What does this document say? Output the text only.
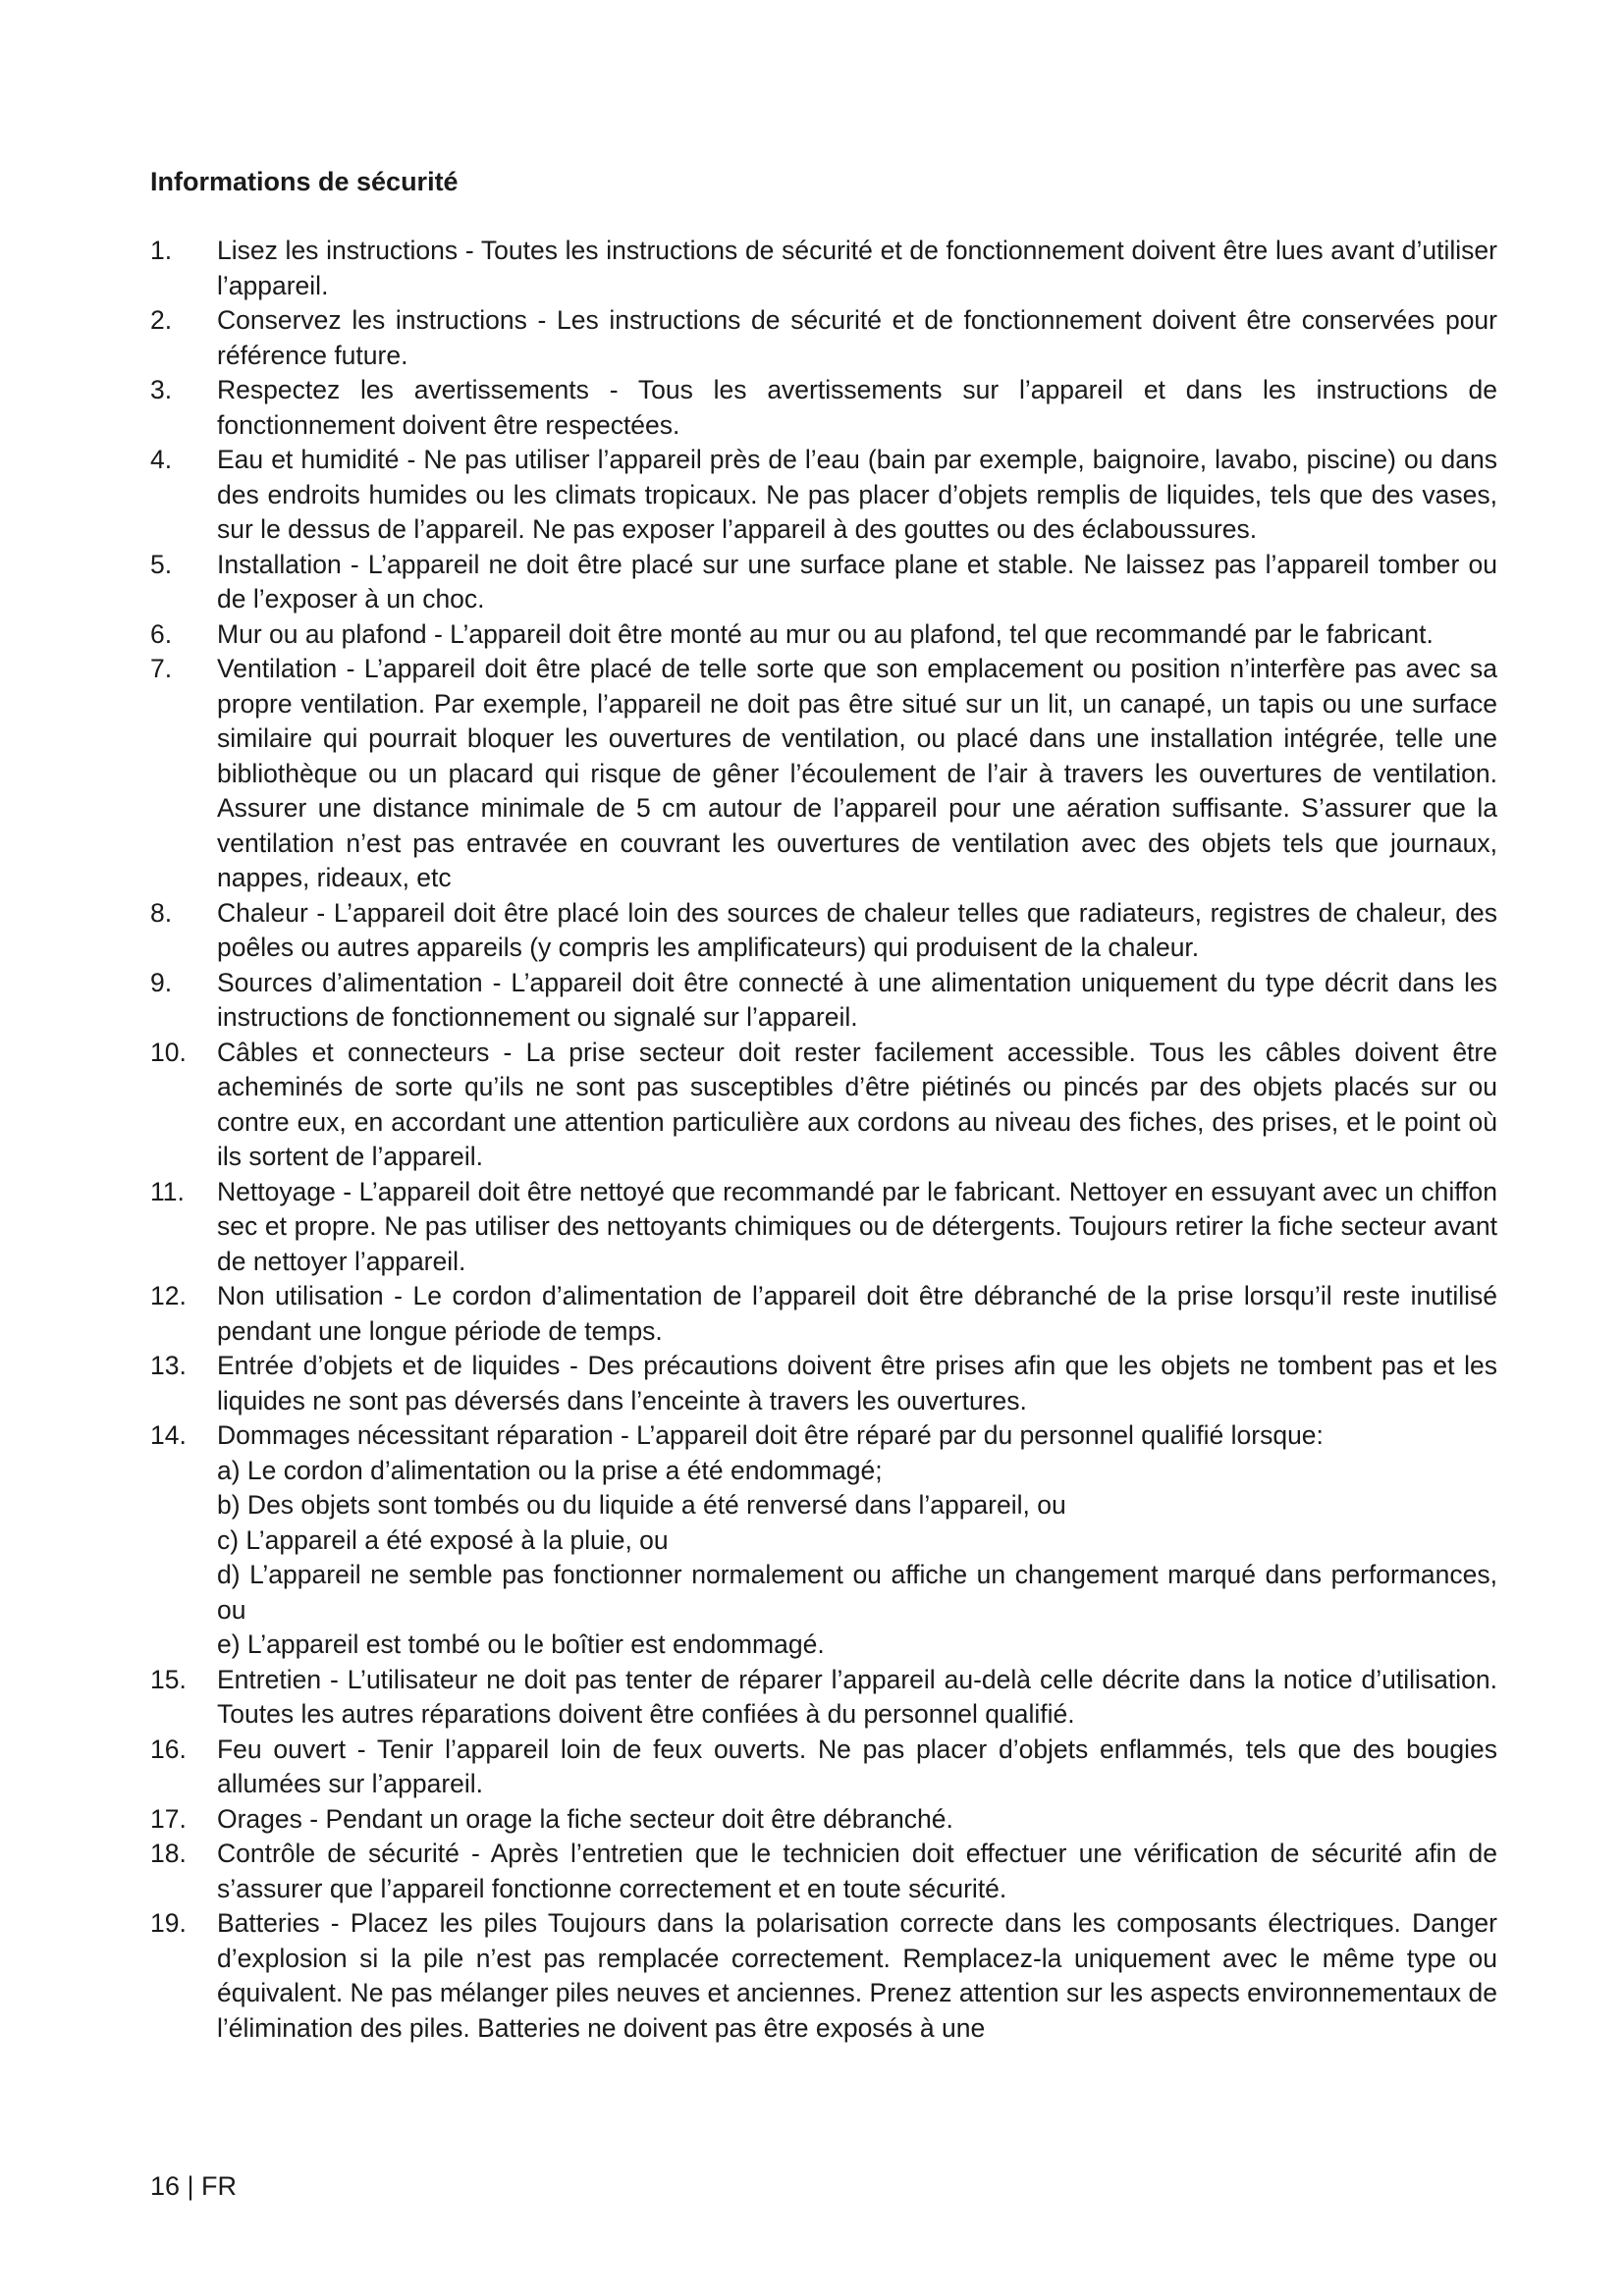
Informations de sécurité
1. Lisez les instructions - Toutes les instructions de sécurité et de fonctionnement doivent être lues avant d’utiliser l’appareil.
2. Conservez les instructions - Les instructions de sécurité et de fonctionnement doivent être conservées pour référence future.
3. Respectez les avertissements - Tous les avertissements sur l’appareil et dans les instructions de fonctionnement doivent être respectées.
4. Eau et humidité - Ne pas utiliser l’appareil près de l’eau (bain par exemple, baignoire, lavabo, piscine) ou dans des endroits humides ou les climats tropicaux. Ne pas placer d’objets remplis de liquides, tels que des vases, sur le dessus de l’appareil. Ne pas exposer l’appareil à des gouttes ou des éclaboussures.
5. Installation - L’appareil ne doit être placé sur une surface plane et stable. Ne laissez pas l’appareil tomber ou de l’exposer à un choc.
6. Mur ou au plafond - L’appareil doit être monté au mur ou au plafond, tel que recommandé par le fabricant.
7. Ventilation - L’appareil doit être placé de telle sorte que son emplacement ou position n’interfère pas avec sa propre ventilation. Par exemple, l’appareil ne doit pas être situé sur un lit, un canapé, un tapis ou une surface similaire qui pourrait bloquer les ouvertures de ventilation, ou placé dans une installation intégrée, telle une bibliothèque ou un placard qui risque de gêner l’écoulement de l’air à travers les ouvertures de ventilation. Assurer une distance minimale de 5 cm autour de l’appareil pour une aération suffisante. S’assurer que la ventilation n’est pas entravée en couvrant les ouvertures de ventilation avec des objets tels que journaux, nappes, rideaux, etc
8. Chaleur - L’appareil doit être placé loin des sources de chaleur telles que radiateurs, registres de chaleur, des poêles ou autres appareils (y compris les amplificateurs) qui produisent de la chaleur.
9. Sources d’alimentation - L’appareil doit être connecté à une alimentation uniquement du type décrit dans les instructions de fonctionnement ou signalé sur l’appareil.
10. Câbles et connecteurs - La prise secteur doit rester facilement accessible. Tous les câbles doivent être acheminés de sorte qu’ils ne sont pas susceptibles d’être piétinés ou pincés par des objets placés sur ou contre eux, en accordant une attention particulière aux cordons au niveau des fiches, des prises, et le point où ils sortent de l’appareil.
11. Nettoyage - L’appareil doit être nettoyé que recommandé par le fabricant. Nettoyer en essuyant avec un chiffon sec et propre. Ne pas utiliser des nettoyants chimiques ou de détergents. Toujours retirer la fiche secteur avant de nettoyer l’appareil.
12. Non utilisation - Le cordon d’alimentation de l’appareil doit être débranché de la prise lorsqu’il reste inutilisé pendant une longue période de temps.
13. Entrée d’objets et de liquides - Des précautions doivent être prises afin que les objets ne tombent pas et les liquides ne sont pas déversés dans l’enceinte à travers les ouvertures.
14. Dommages nécessitant réparation - L’appareil doit être réparé par du personnel qualifié lorsque:
a) Le cordon d’alimentation ou la prise a été endommagé;
b) Des objets sont tombés ou du liquide a été renversé dans l’appareil, ou
c) L’appareil a été exposé à la pluie, ou
d) L’appareil ne semble pas fonctionner normalement ou affiche un changement marqué dans performances, ou
e) L’appareil est tombé ou le boîtier est endommagé.
15. Entretien - L’utilisateur ne doit pas tenter de réparer l’appareil au-delà celle décrite dans la notice d’utilisation. Toutes les autres réparations doivent être confiées à du personnel qualifié.
16. Feu ouvert - Tenir l’appareil loin de feux ouverts. Ne pas placer d’objets enflammés, tels que des bougies allumées sur l’appareil.
17. Orages - Pendant un orage la fiche secteur doit être débranché.
18. Contrôle de sécurité - Après l’entretien que le technicien doit effectuer une vérification de sécurité afin de s’assurer que l’appareil fonctionne correctement et en toute sécurité.
19. Batteries - Placez les piles Toujours dans la polarisation correcte dans les composants électriques. Danger d’explosion si la pile n’est pas remplacée correctement. Remplacez-la uniquement avec le même type ou équivalent. Ne pas mélanger piles neuves et anciennes. Prenez attention sur les aspects environnementaux de l’élimination des piles. Batteries ne doivent pas être exposés à une
16 | FR
